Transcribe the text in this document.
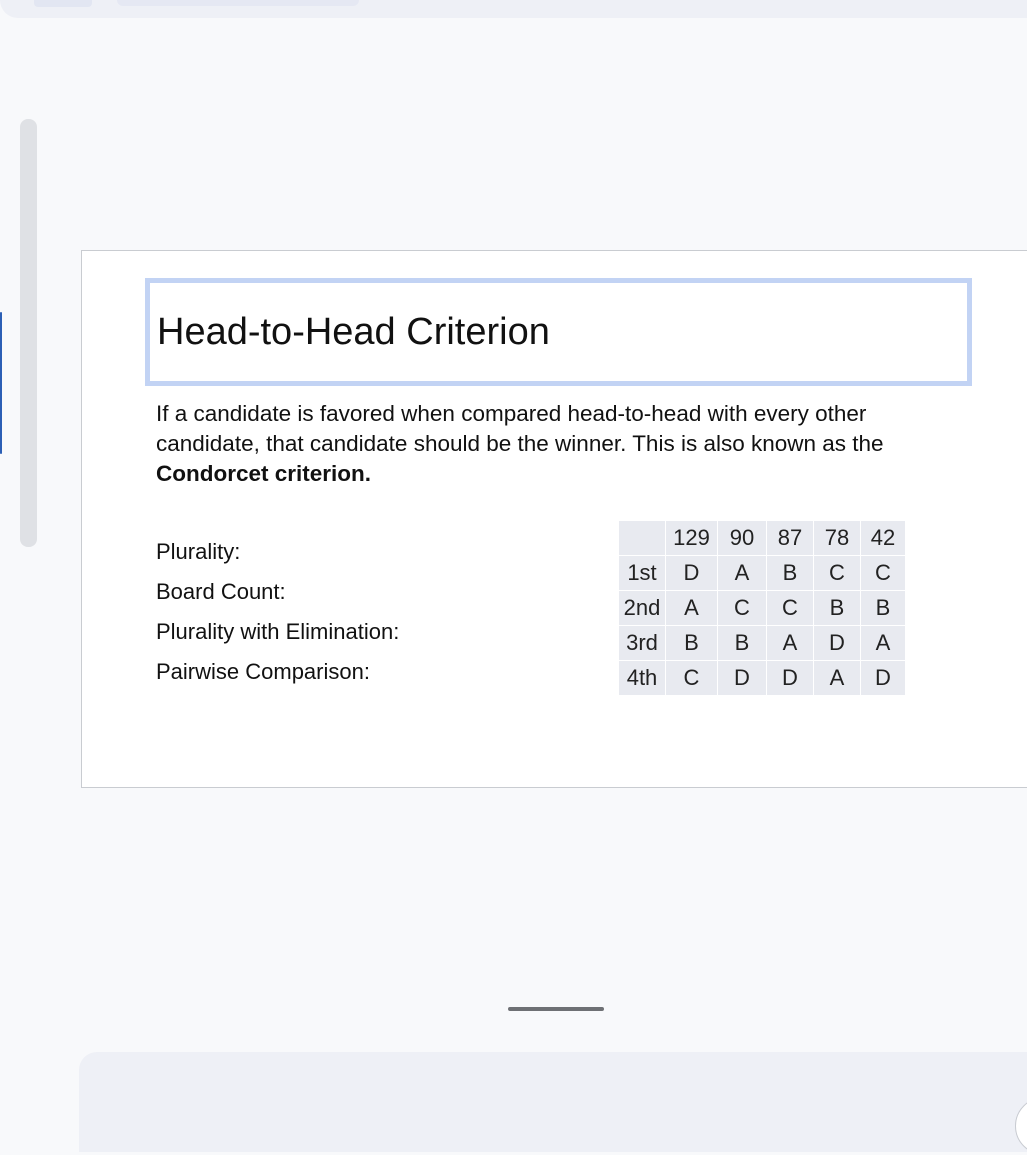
Head-to-Head Criterion

If a candidate is favored when compared head-to-head with every other candidate, that candidate should be the winner. This is also known as the Condorcet criterion.

Plurality:
Board Count:
Plurality with Elimination:
Pairwise Comparison:
	129	90	87	78	42
1st	D	A	B	C	C
2nd	A	C	C	B	B
3rd	B	B	A	D	A
4th	C	D	D	A	D
